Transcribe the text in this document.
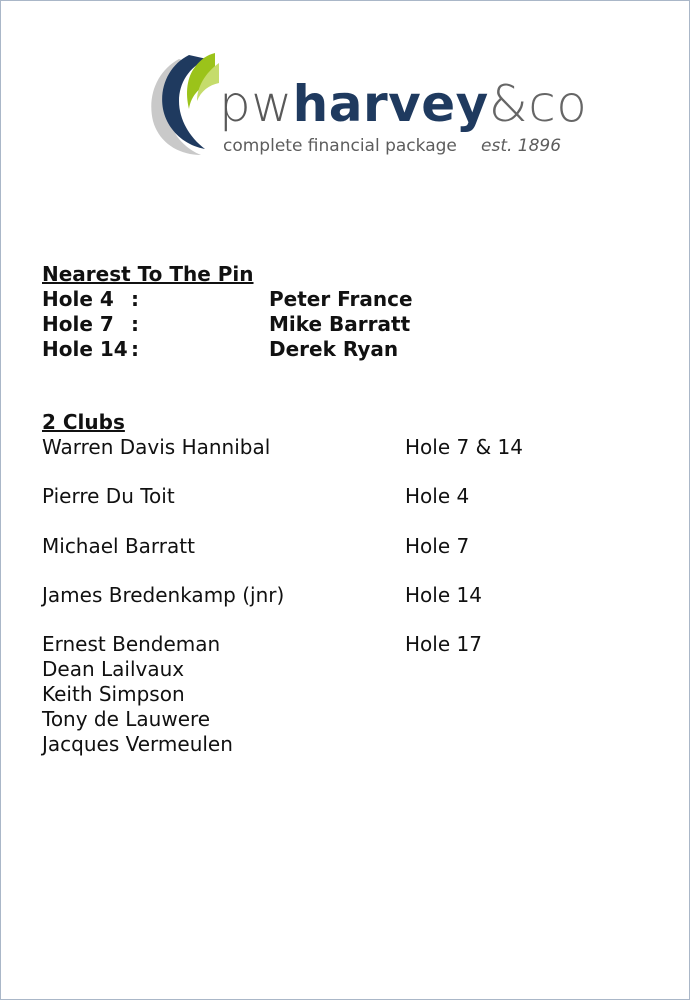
pwharvey&co
complete financial package est. 1896
Nearest To The Pin
Hole 4 :	Peter France
Hole 7 :	Mike Barratt
Hole 14 :	Derek Ryan
2 Clubs
Warren Davis Hannibal	Hole 7 & 14
Pierre Du Toit	Hole 4
Michael Barratt	Hole 7
James Bredenkamp (jnr)	Hole 14
Ernest Bendeman	Hole 17
Dean Lailvaux
Keith Simpson
Tony de Lauwere
Jacques Vermeulen
